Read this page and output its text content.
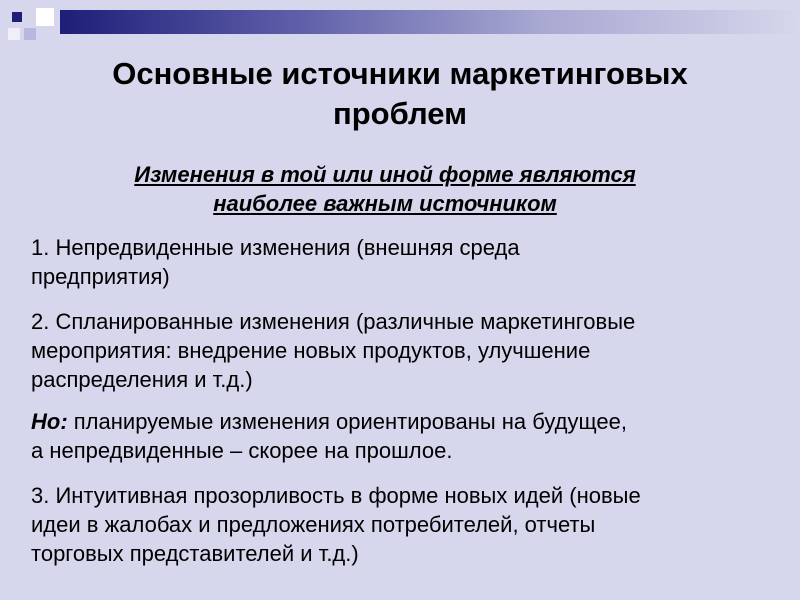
Основные источники маркетинговых
проблем
Изменения в той или иной форме являются
наиболее важным источником
1. Непредвиденные изменения (внешняя среда
предприятия)
2. Спланированные изменения (различные маркетинговые
мероприятия: внедрение новых продуктов, улучшение
распределения и т.д.)
Но: планируемые изменения ориентированы на будущее,
а непредвиденные – скорее на прошлое.
3. Интуитивная прозорливость в форме новых идей (новые
идеи в жалобах и предложениях потребителей, отчеты
торговых представителей и т.д.)
